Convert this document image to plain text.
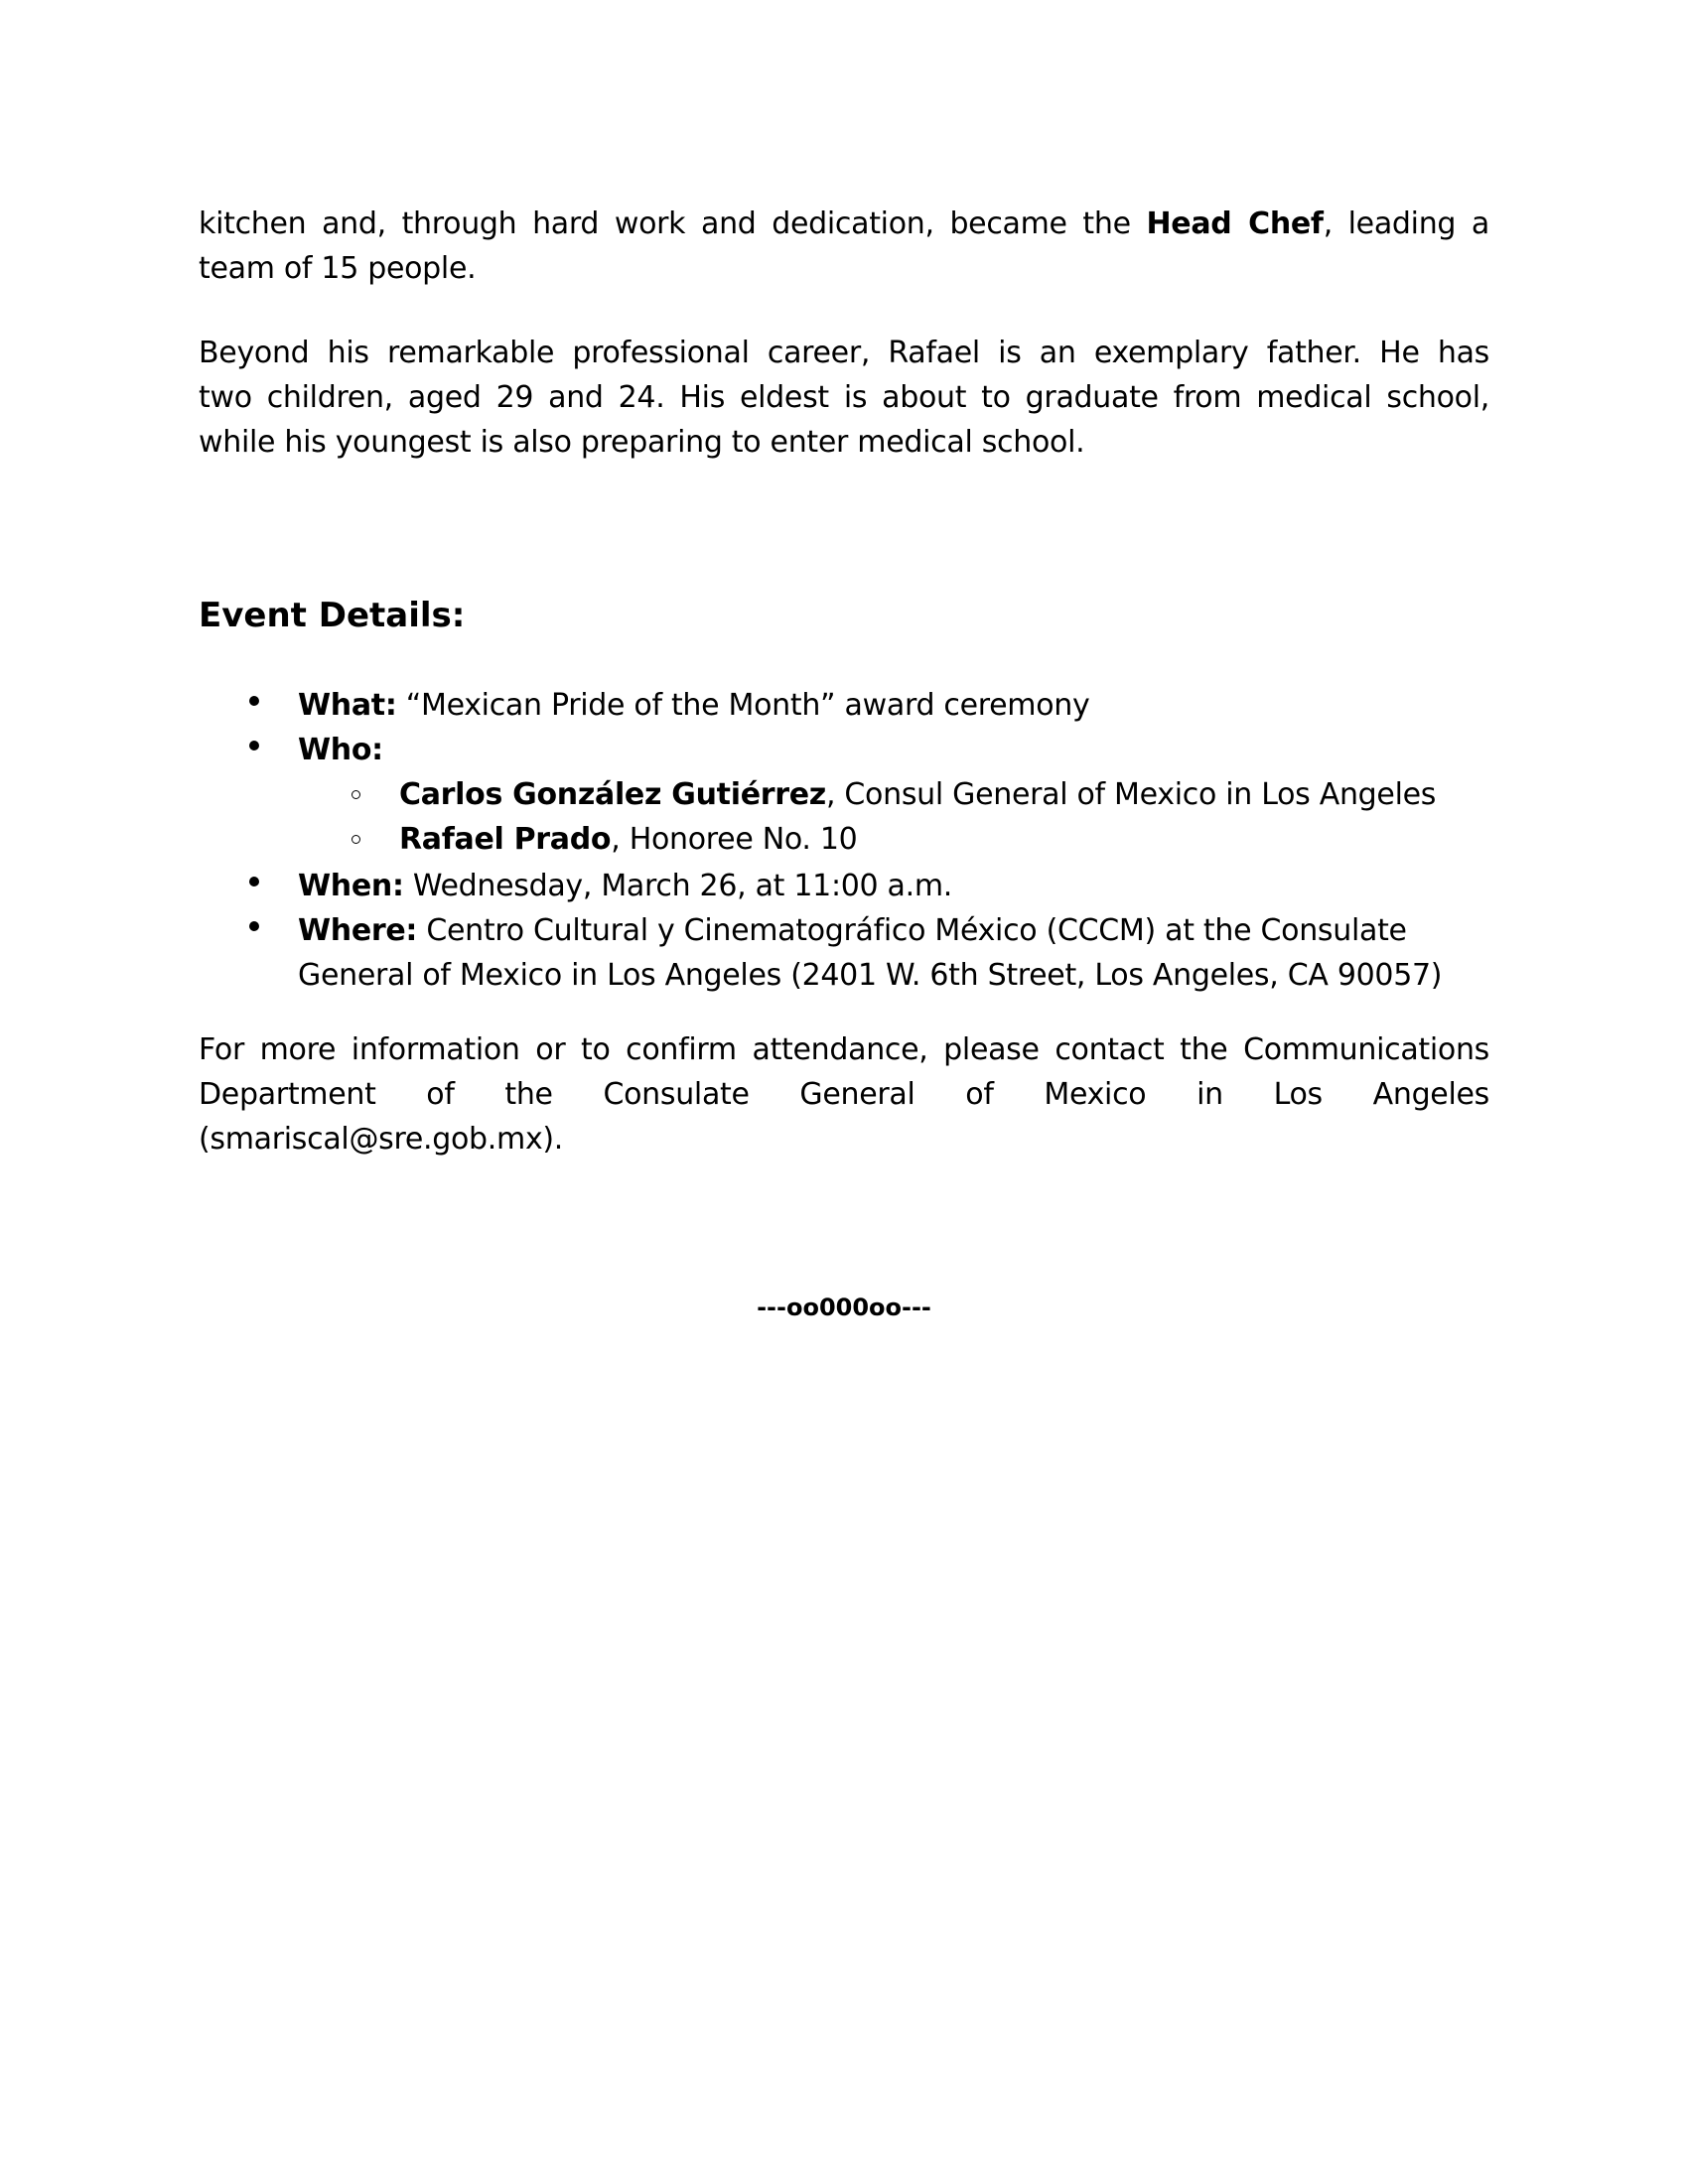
kitchen and, through hard work and dedication, became the Head Chef, leading a
team of 15 people.
Beyond his remarkable professional career, Rafael is an exemplary father. He has
two children, aged 29 and 24. His eldest is about to graduate from medical school,
while his youngest is also preparing to enter medical school.
Event Details:
What: “Mexican Pride of the Month” award ceremony
Who:
Carlos González Gutiérrez, Consul General of Mexico in Los Angeles
Rafael Prado, Honoree No. 10
When: Wednesday, March 26, at 11:00 a.m.
Where: Centro Cultural y Cinematográfico México (CCCM) at the Consulate
General of Mexico in Los Angeles (2401 W. 6th Street, Los Angeles, CA 90057)
For more information or to confirm attendance, please contact the Communications
Department of the Consulate General of Mexico in Los Angeles
(smariscal@sre.gob.mx).
---oo000oo---
